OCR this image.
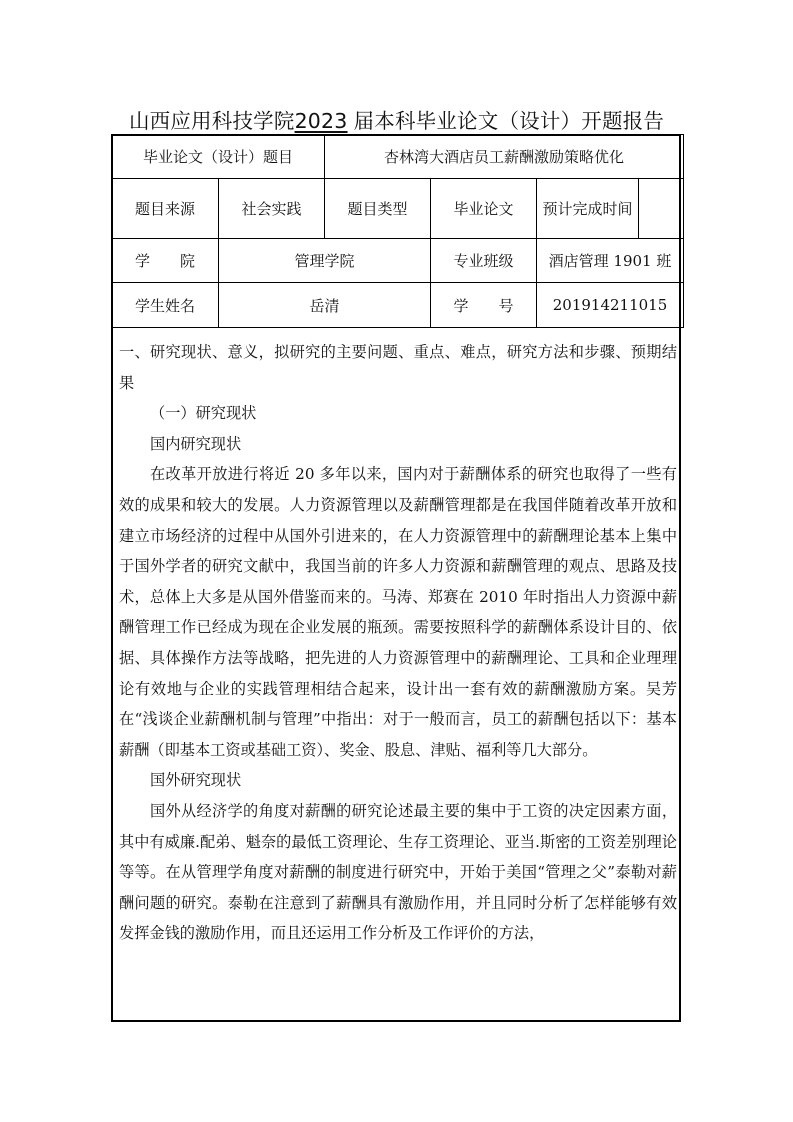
山西应用科技学院2023 届本科毕业论文（设计）开题报告
毕业论文（设计）题目		杏林湾大酒店员工薪酬激励策略优化			
题目来源	社会实践	题目类型	毕业论文	预计完成时间	
学　　院	管理学院		专业班级	酒店管理 1901 班	
学生姓名	岳清		学　　号	201914211015	

一、研究现状、意义，拟研究的主要问题、重点、难点，研究方法和步骤、预期结果

（一）研究现状

国内研究现状

在改革开放进行将近 20 多年以来，国内对于薪酬体系的研究也取得了一些有效的成果和较大的发展。人力资源管理以及薪酬管理都是在我国伴随着改革开放和建立市场经济的过程中从国外引进来的，在人力资源管理中的薪酬理论基本上集中于国外学者的研究文献中，我国当前的许多人力资源和薪酬管理的观点、思路及技术，总体上大多是从国外借鉴而来的。马涛、郑赛在 2010 年时指出人力资源中薪酬管理工作已经成为现在企业发展的瓶颈。需要按照科学的薪酬体系设计目的、依据、具体操作方法等战略，把先进的人力资源管理中的薪酬理论、工具和企业理理论有效地与企业的实践管理相结合起来，设计出一套有效的薪酬激励方案。吴芳在“浅谈企业薪酬机制与管理”中指出：对于一般而言，员工的薪酬包括以下：基本薪酬（即基本工资或基础工资）、奖金、股息、津贴、福利等几大部分。

国外研究现状

国外从经济学的角度对薪酬的研究论述最主要的集中于工资的决定因素方面，其中有威廉.配弟、魁奈的最低工资理论、生存工资理论、亚当.斯密的工资差别理论等等。在从管理学角度对薪酬的制度进行研究中，开始于美国“管理之父”泰勒对薪酬问题的研究。泰勒在注意到了薪酬具有激励作用，并且同时分析了怎样能够有效发挥金钱的激励作用，而且还运用工作分析及工作评价的方法，
